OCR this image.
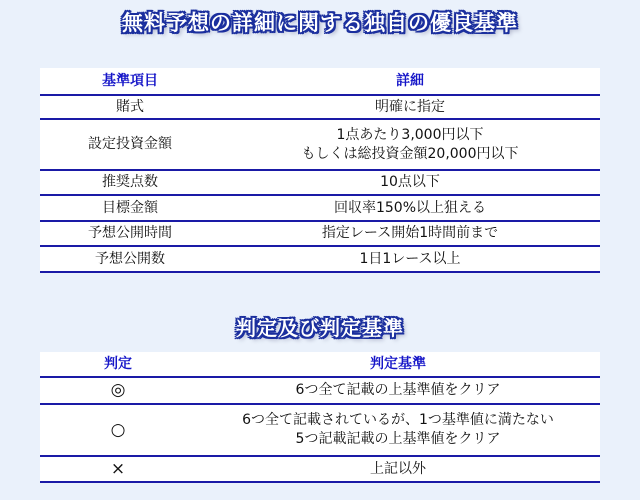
無料予想の詳細に関する独自の優良基準
基準項目	詳細
賭式	明確に指定
設定投資金額	1点あたり3,000円以下
もしくは総投資金額20,000円以下

推奨点数	10点以下
目標金額	回収率150%以上狙える
予想公開時間	指定レース開始1時間前まで
予想公開数	1日1レース以上
判定及び判定基準
判定	判定基準
◎	6つ全て記載の上基準値をクリア
○	6つ全て記載されているが、1つ基準値に満たない
5つ記載記載の上基準値をクリア

×	上記以外
